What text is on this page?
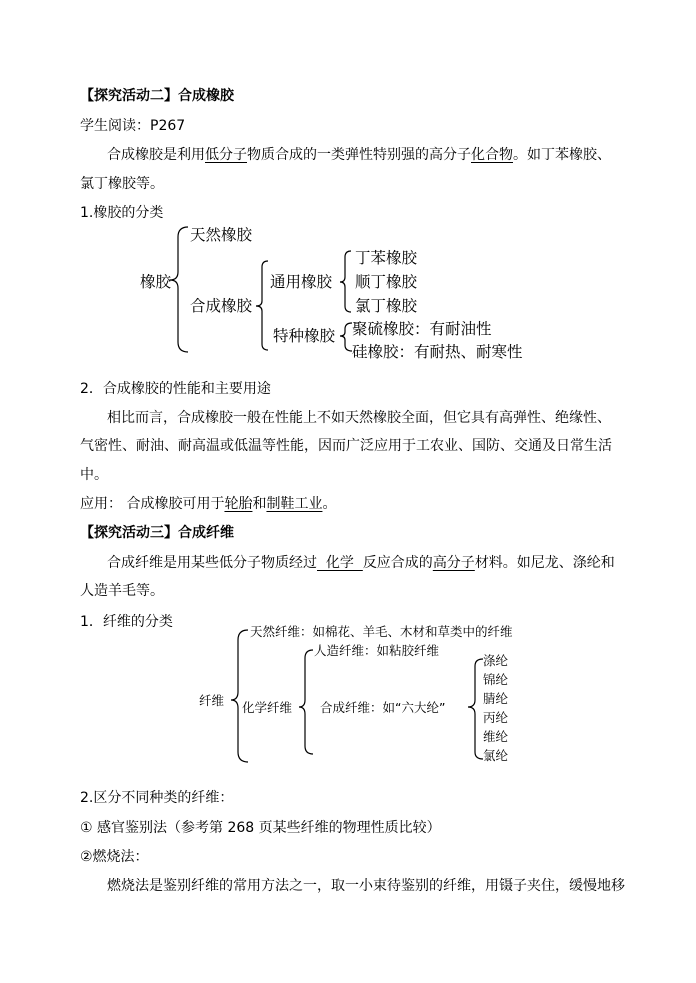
【探究活动二】合成橡胶
学生阅读：P267
合成橡胶是利用低分子物质合成的一类弹性特别强的高分子化合物。如丁苯橡胶、
氯丁橡胶等。
1.橡胶的分类
橡胶
天然橡胶
合成橡胶
通用橡胶
丁苯橡胶
顺丁橡胶
氯丁橡胶
特种橡胶 聚硫橡胶：有耐油性
硅橡胶：有耐热、耐寒性
2．合成橡胶的性能和主要用途
相比而言，合成橡胶一般在性能上不如天然橡胶全面，但它具有高弹性、绝缘性、
气密性、耐油、耐高温或低温等性能，因而广泛应用于工农业、国防、交通及日常生活
中。
应用： 合成橡胶可用于轮胎和制鞋工业。
【探究活动三】合成纤维
合成纤维是用某些低分子物质经过  化学  反应合成的高分子材料。如尼龙、涤纶和
人造羊毛等。
1．纤维的分类
纤维
天然纤维：如棉花、羊毛、木材和草类中的纤维
化学纤维
人造纤维：如粘胶纤维
合成纤维：如“六大纶”
涤纶
锦纶
腈纶
丙纶
维纶
氯纶
2.区分不同种类的纤维：
① 感官鉴别法（参考第 268 页某些纤维的物理性质比较）
②燃烧法：
燃烧法是鉴别纤维的常用方法之一，取一小束待鉴别的纤维，用镊子夹住，缓慢地移
